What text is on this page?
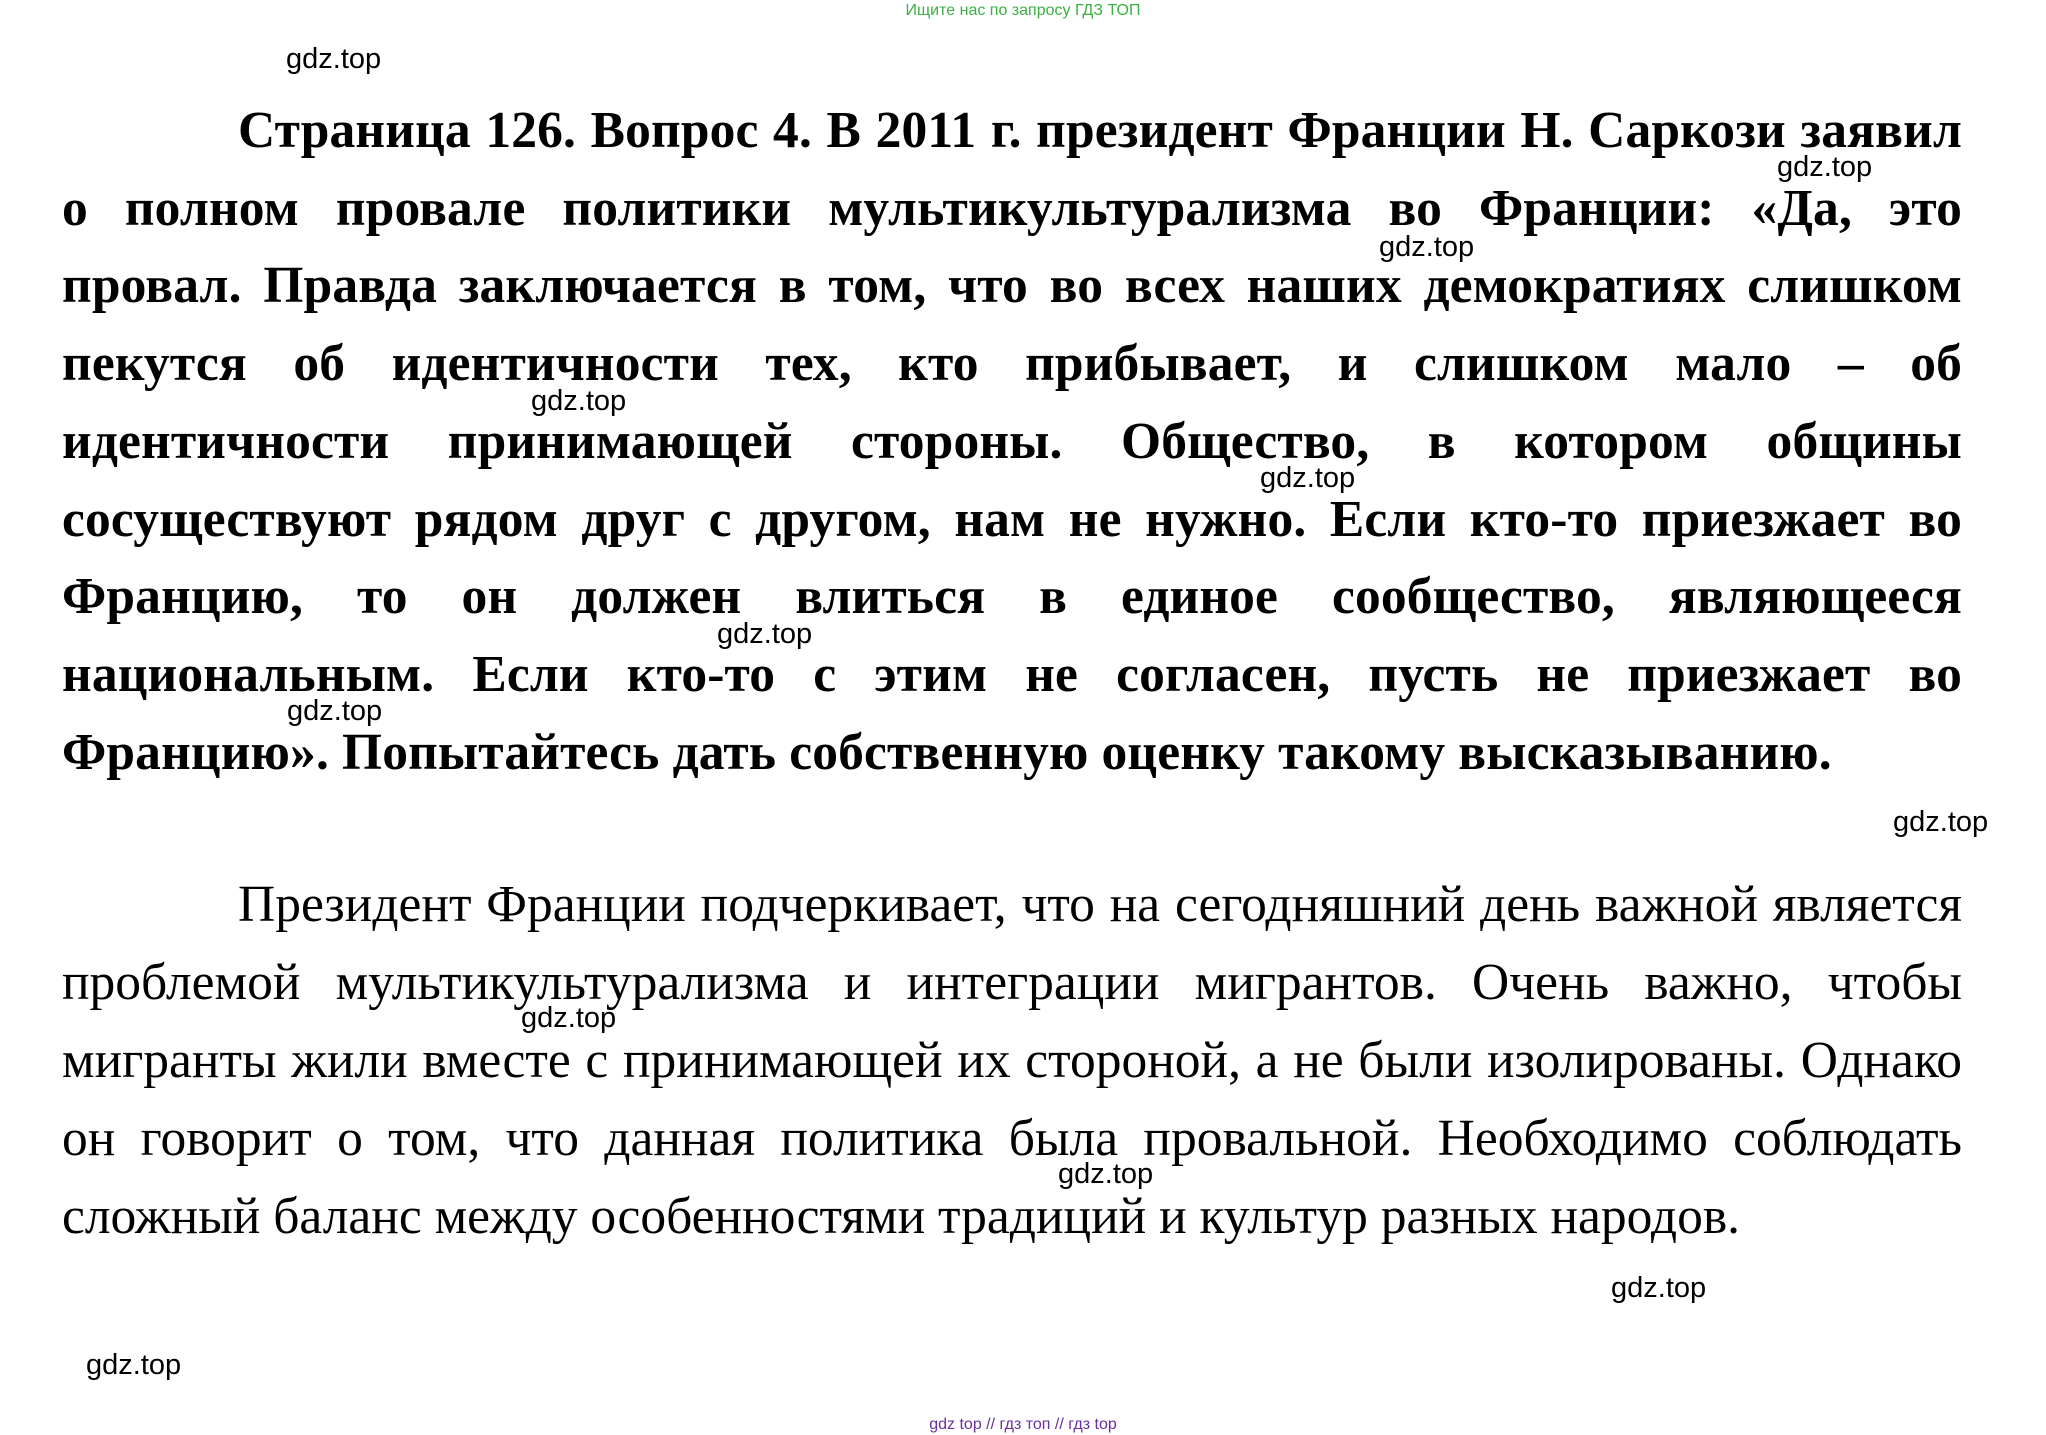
Ищите нас по запросу ГДЗ ТОП
gdz.top
gdz.top
gdz.top
gdz.top
gdz.top
gdz.top
gdz.top
gdz.top
gdz.top
gdz.top
gdz.top
gdz.top

Страница 126. Вопрос 4. В 2011 г. президент Франции Н. Саркози заявил о полном провале политики мультикультурализма во Франции: «Да, это провал. Правда заключается в том, что во всех наших демократиях слишком пекутся об идентичности тех, кто прибывает, и слишком мало – об идентичности принимающей стороны. Общество, в котором общины сосуществуют рядом друг с другом, нам не нужно. Если кто-то приезжает во Францию, то он должен влиться в единое сообщество, являющееся национальным. Если кто-то с этим не согласен, пусть не приезжает во Францию». Попытайтесь дать собственную оценку такому высказыванию.

Президент Франции подчеркивает, что на сегодняшний день важной является проблемой мультикультурализма и интеграции мигрантов. Очень важно, чтобы мигранты жили вместе с принимающей их стороной, а не были изолированы. Однако он говорит о том, что данная политика была провальной. Необходимо соблюдать сложный баланс между особенностями традиций и культур разных народов.

gdz top // гдз топ // гдз top
